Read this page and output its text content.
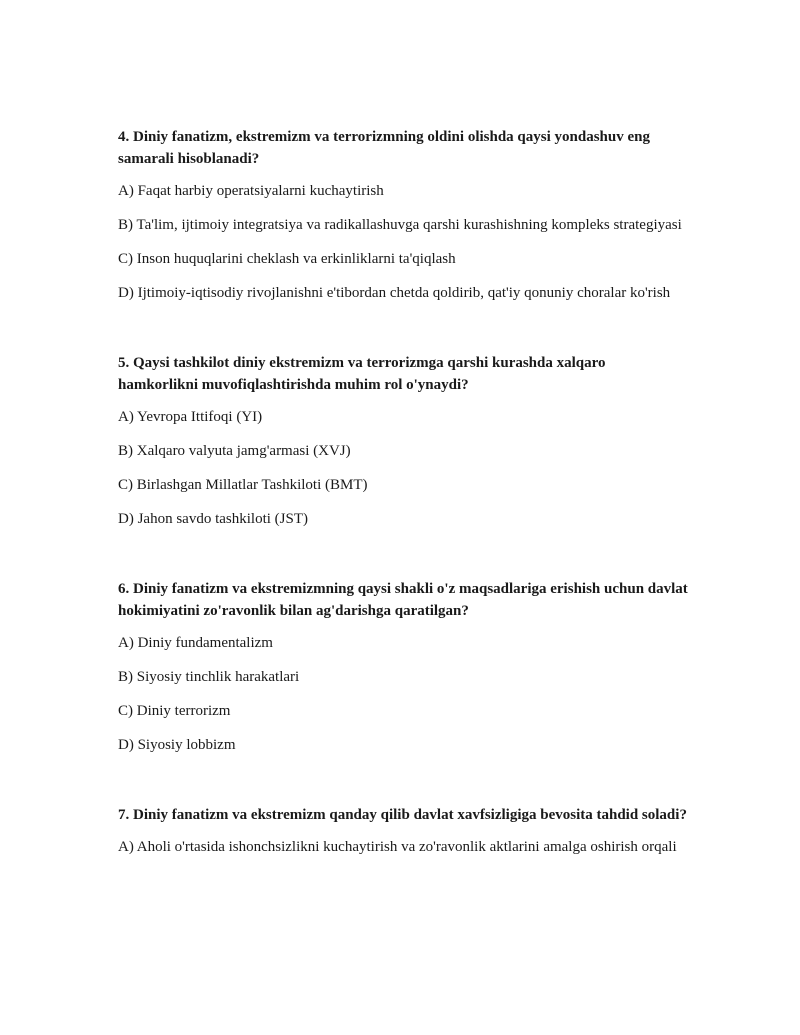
4. Diniy fanatizm, ekstremizm va terrorizmning oldini olishda qaysi yondashuv eng samarali hisoblanadi?
A) Faqat harbiy operatsiyalarni kuchaytirish
B) Ta'lim, ijtimoiy integratsiya va radikallashuvga qarshi kurashishning kompleks strategiyasi
C) Inson huquqlarini cheklash va erkinliklarni ta'qiqlash
D) Ijtimoiy-iqtisodiy rivojlanishni e'tibordan chetda qoldirib, qat'iy qonuniy choralar ko'rish
5. Qaysi tashkilot diniy ekstremizm va terrorizmga qarshi kurashda xalqaro hamkorlikni muvofiqlashtirishda muhim rol o'ynaydi?
A) Yevropa Ittifoqi (YI)
B) Xalqaro valyuta jamg'armasi (XVJ)
C) Birlashgan Millatlar Tashkiloti (BMT)
D) Jahon savdo tashkiloti (JST)
6. Diniy fanatizm va ekstremizmning qaysi shakli o'z maqsadlariga erishish uchun davlat hokimiyatini zo'ravonlik bilan ag'darishga qaratilgan?
A) Diniy fundamentalizm
B) Siyosiy tinchlik harakatlari
C) Diniy terrorizm
D) Siyosiy lobbizm
7. Diniy fanatizm va ekstremizm qanday qilib davlat xavfsizligiga bevosita tahdid soladi?
A) Aholi o'rtasida ishonchsizlikni kuchaytirish va zo'ravonlik aktlarini amalga oshirish orqali
